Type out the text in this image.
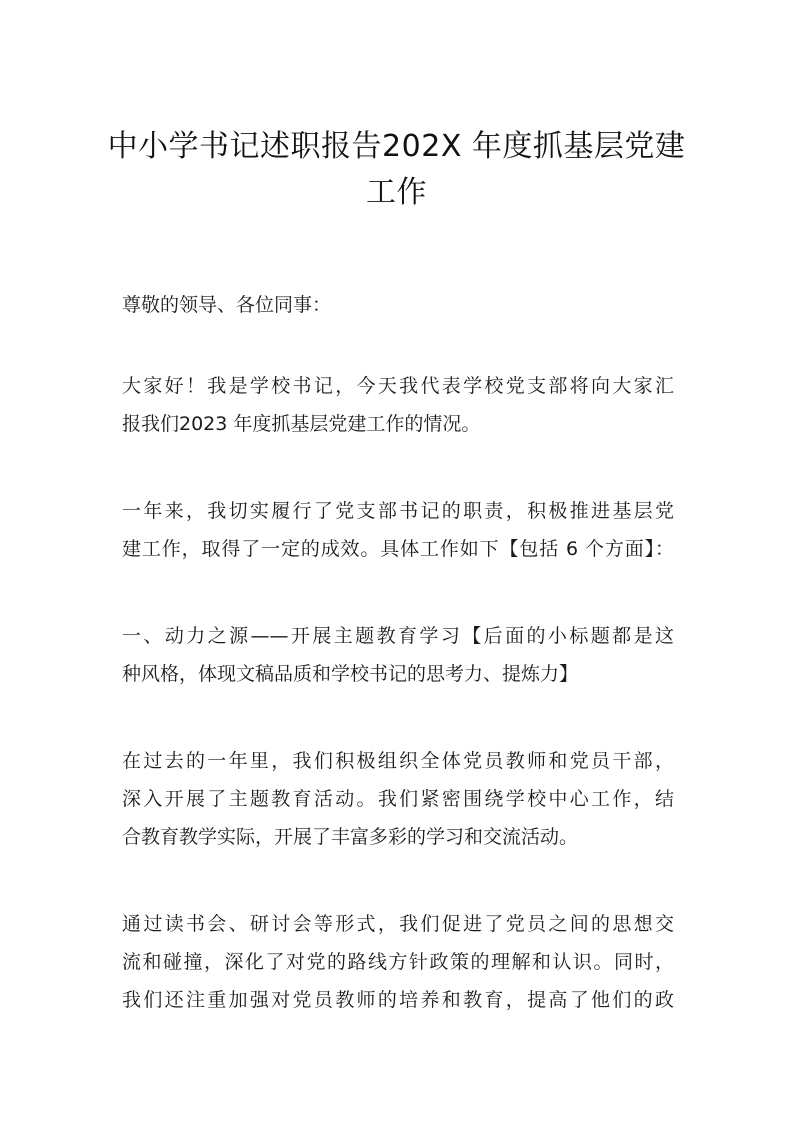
中小学书记述职报告202X 年度抓基层党建
工作
尊敬的领导、各位同事：
大家好！我是学校书记，今天我代表学校党支部将向大家汇
报我们2023 年度抓基层党建工作的情况。
一年来，我切实履行了党支部书记的职责，积极推进基层党
建工作，取得了一定的成效。具体工作如下【包括 6 个方面】：
一、动力之源——开展主题教育学习【后面的小标题都是这
种风格，体现文稿品质和学校书记的思考力、提炼力】
在过去的一年里，我们积极组织全体党员教师和党员干部，
深入开展了主题教育活动。我们紧密围绕学校中心工作，结
合教育教学实际，开展了丰富多彩的学习和交流活动。
通过读书会、研讨会等形式，我们促进了党员之间的思想交
流和碰撞，深化了对党的路线方针政策的理解和认识。同时，
我们还注重加强对党员教师的培养和教育，提高了他们的政
